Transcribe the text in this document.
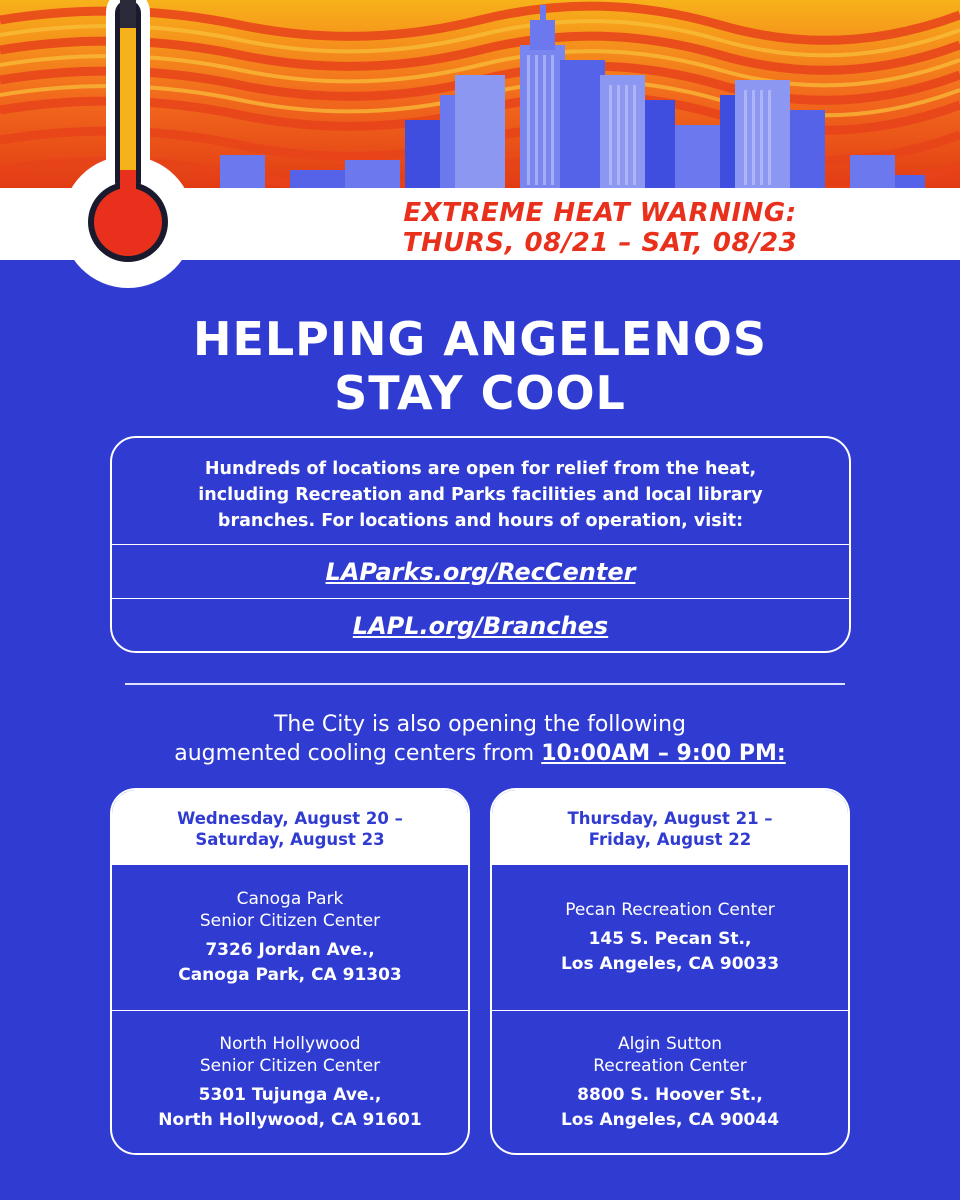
EXTREME HEAT WARNING:
THURS, 08/21 – SAT, 08/23
HELPING ANGELENOS
STAY COOL
Hundreds of locations are open for relief from the heat,
including Recreation and Parks facilities and local library
branches. For locations and hours of operation, visit:
LAParks.org/RecCenter
LAPL.org/Branches
The City is also opening the following
augmented cooling centers from 10:00AM – 9:00 PM:
Wednesday, August 20 –
Saturday, August 23
Canoga Park
Senior Citizen Center
7326 Jordan Ave.,
Canoga Park, CA 91303
North Hollywood
Senior Citizen Center
5301 Tujunga Ave.,
North Hollywood, CA 91601
Thursday, August 21 –
Friday, August 22
Pecan Recreation Center
145 S. Pecan St.,
Los Angeles, CA 90033
Algin Sutton
Recreation Center
8800 S. Hoover St.,
Los Angeles, CA 90044
